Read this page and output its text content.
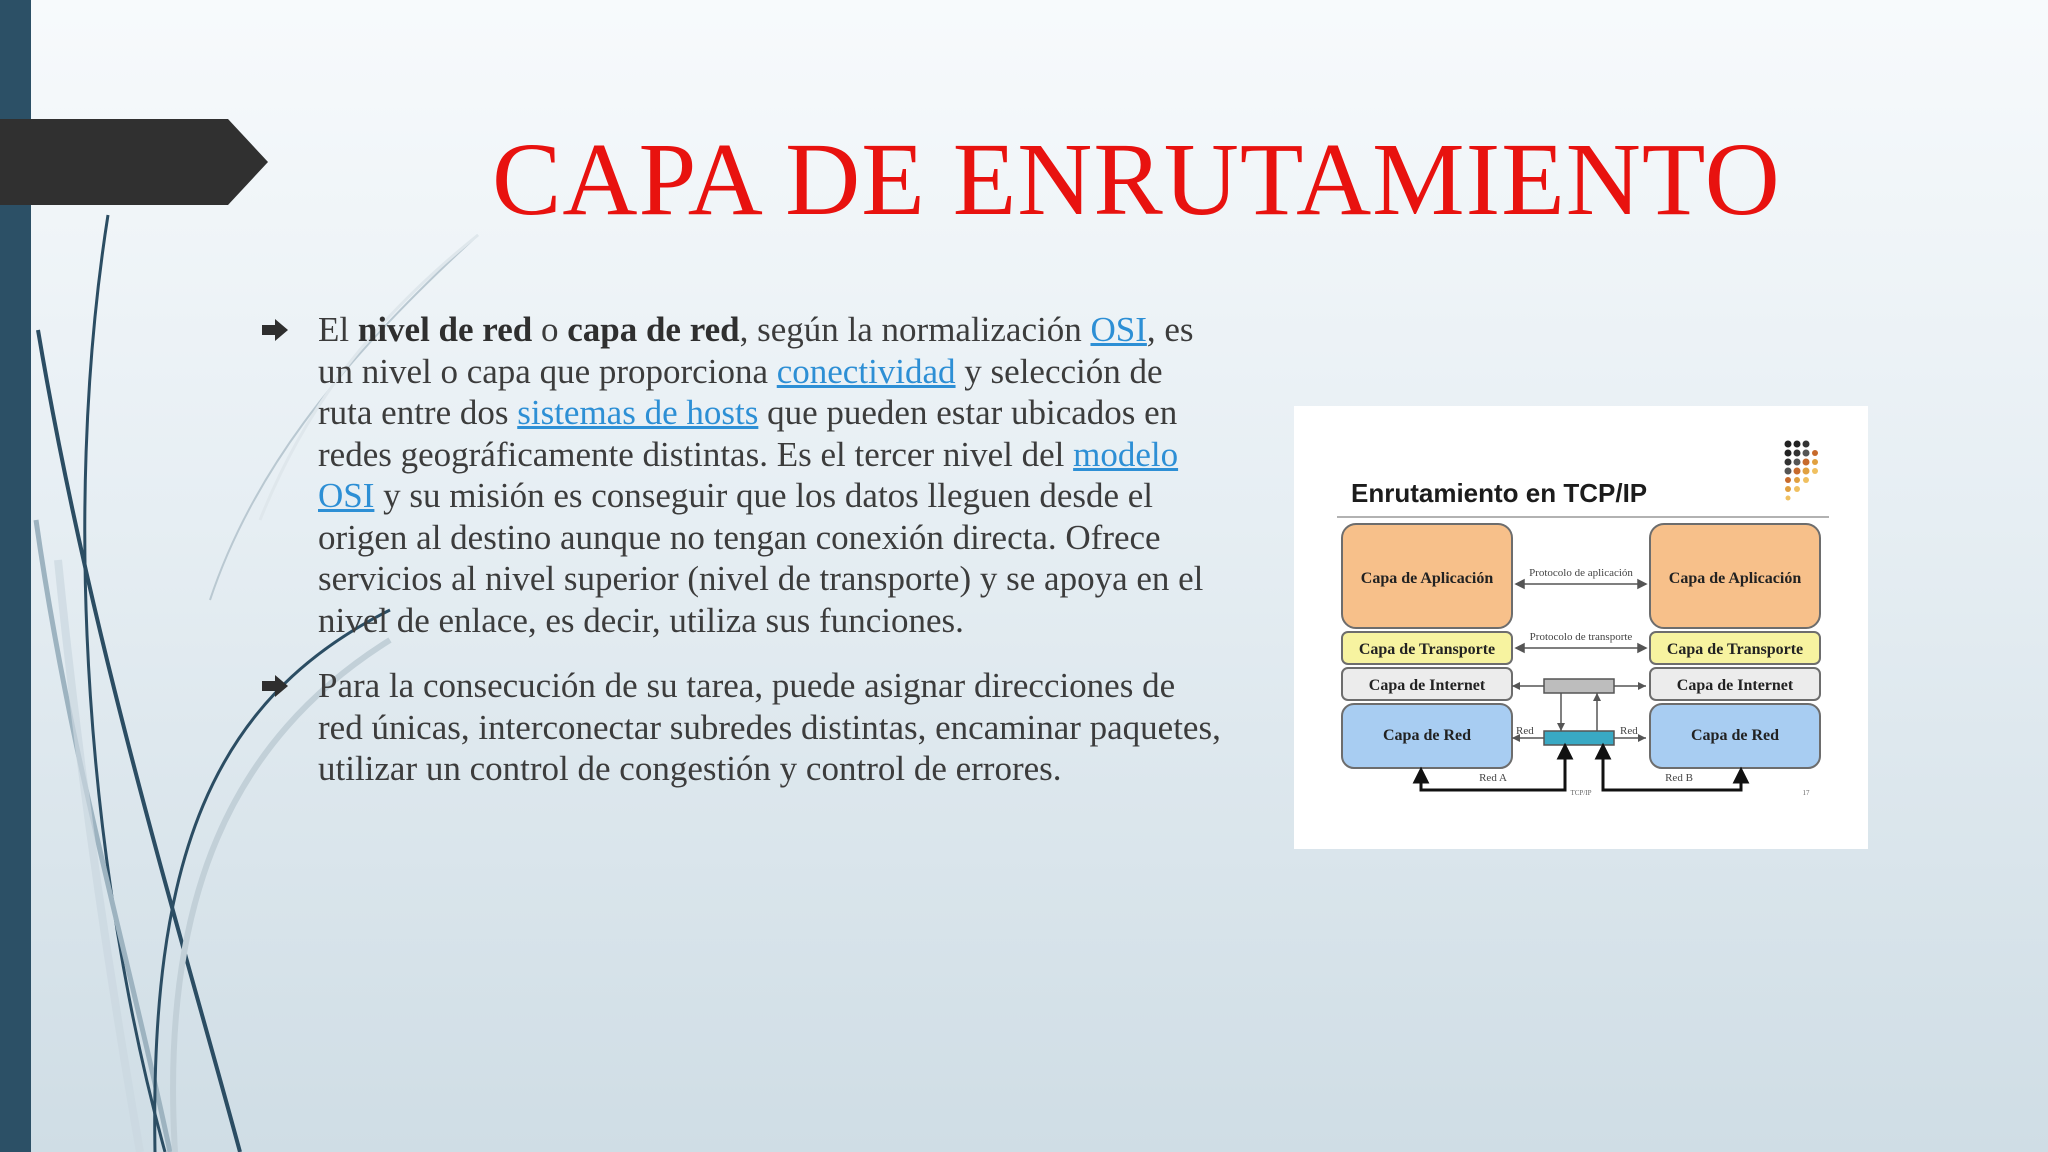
CAPA DE ENRUTAMIENTO

El nivel de red o capa de red, según la normalización OSI, es un nivel o capa que proporciona conectividad y selección de ruta entre dos sistemas de hosts que pueden estar ubicados en redes geográficamente distintas. Es el tercer nivel del modelo OSI y su misión es conseguir que los datos lleguen desde el origen al destino aunque no tengan conexión directa. Ofrece servicios al nivel superior (nivel de transporte) y se apoya en el nivel de enlace, es decir, utiliza sus funciones.

Para la consecución de su tarea, puede asignar direcciones de red únicas, interconectar subredes distintas, encaminar paquetes, utilizar un control de congestión y control de errores.

Enrutamiento en TCP/IP
Capa de Aplicación
Capa de Transporte
Capa de Internet
Capa de Red
Capa de Aplicación
Capa de Transporte
Capa de Internet
Capa de Red
Protocolo de aplicación
Protocolo de transporte
Red	Red
Red A	Red B
TCP/IP	17
